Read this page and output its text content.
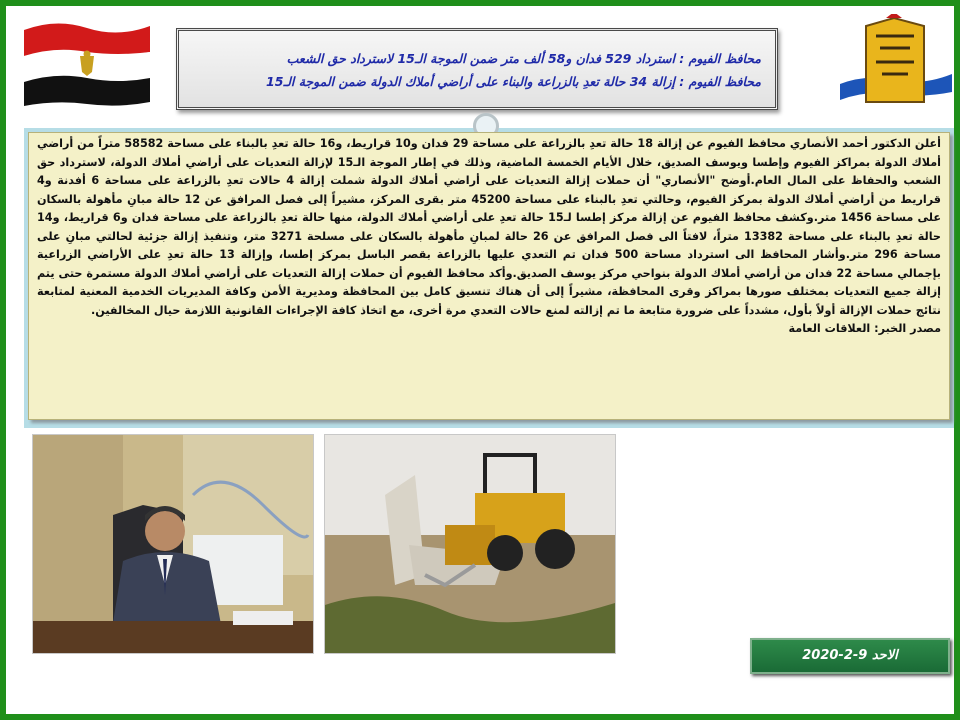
محافظ الفيوم : استرداد 529 فدان و58 ألف متر ضمن الموجة الـ15 لاسترداد حق الشعب

محافظ الفيوم : إزالة 34 حالة تعدِ بالزراعة والبناء على أراضي أملاك الدولة ضمن الموجة الـ15

أعلن الدكتور أحمد الأنصاري محافظ الفيوم عن إزالة 18 حالة تعدِ بالزراعة على مساحة 29 فدان و10 قراريط، و16 حالة تعدِ بالبناء على مساحة 58582 متراً من أراضي أملاك الدولة بمراكز الفيوم وإطسا ويوسف الصديق، خلال الأيام الخمسة الماضية، وذلك في إطار الموجة الـ15 لإزالة التعديات على أراضي أملاك الدولة، لاسترداد حق الشعب والحفاظ على المال العام.أوضح "الأنصاري" أن حملات إزالة التعديات على أراضي أملاك الدولة شملت إزالة 4 حالات تعدِ بالزراعة على مساحة 6 أفدنة و4 قراريط من أراضي أملاك الدولة بمركز الفيوم، وحالتي تعدِ بالبناء على مساحة 45200 متر بقرى المركز، مشيراً إلى فصل المرافق عن 12 حالة مبانِ مأهولة بالسكان على مساحة 1456 متر.وكشف محافظ الفيوم عن إزالة مركز إطسا لـ15 حالة تعدِ على أراضي أملاك الدولة، منها حالة تعدِ بالزراعة على مساحة فدان و6 قراريط، و14 حالة تعدِ بالبناء على مساحة 13382 متراً، لافتاً الى فصل المرافق عن 26 حالة لمبانِ مأهولة بالسكان على مسلحة 3271 متر، وتنفيذ إزالة جزئية لحالتي مبانِ على مساحة 296 متر.وأشار المحافظ الى استرداد مساحة 500 فدان تم التعدي عليها بالزراعة بقصر الباسل بمركز إطسا، وإزالة 13 حالة تعدِ على الأراضي الزراعية بإجمالي مساحة 22 فدان من أراضي أملاك الدولة بنواحي مركز يوسف الصديق.وأكد محافظ الفيوم أن حملات إزالة التعديات على أراضي أملاك الدولة مستمرة حتى يتم إزالة جميع التعديات بمختلف صورها بمراكز وقرى المحافظة، مشيراً إلى أن هناك تنسيق كامل بين المحافظة ومديرية الأمن وكافة المديريات الخدمية المعنية لمتابعة نتائج حملات الإزالة أولاً بأول، مشدداً على ضرورة متابعة ما تم إزالته لمنع حالات التعدي مرة أخرى، مع اتخاذ كافة الإجراءات القانونية اللازمة حيال المخالفين.

مصدر الخبر: العلاقات العامة

الاحد 9-2-2020
